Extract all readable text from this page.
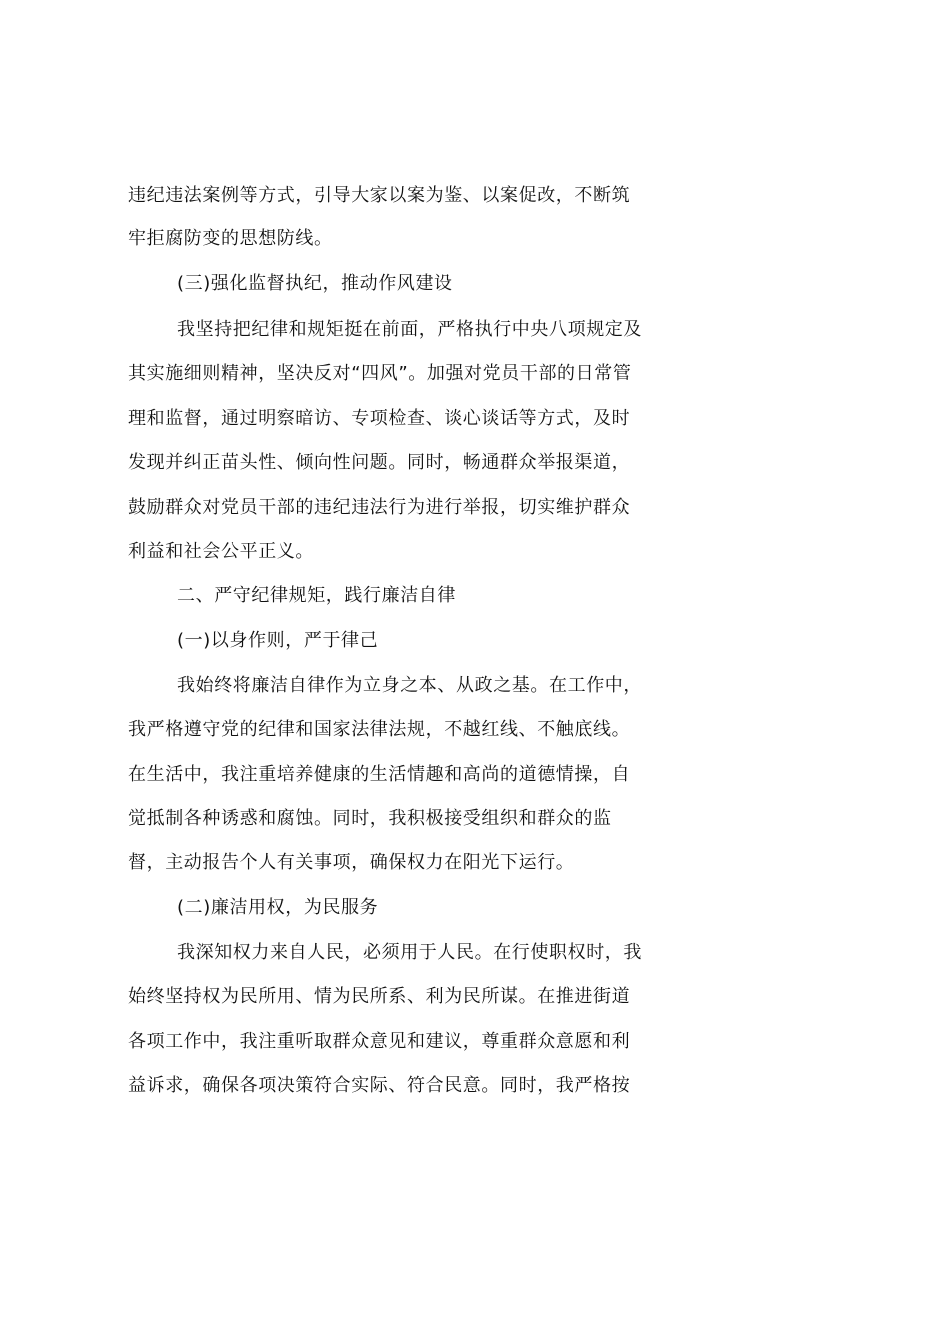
违纪违法案例等方式，引导大家以案为鉴、以案促改，不断筑
牢拒腐防变的思想防线。
(三)强化监督执纪，推动作风建设
我坚持把纪律和规矩挺在前面，严格执行中央八项规定及
其实施细则精神，坚决反对“四风”。加强对党员干部的日常管
理和监督，通过明察暗访、专项检查、谈心谈话等方式，及时
发现并纠正苗头性、倾向性问题。同时，畅通群众举报渠道，
鼓励群众对党员干部的违纪违法行为进行举报，切实维护群众
利益和社会公平正义。
二、严守纪律规矩，践行廉洁自律
(一)以身作则，严于律己
我始终将廉洁自律作为立身之本、从政之基。在工作中，
我严格遵守党的纪律和国家法律法规，不越红线、不触底线。
在生活中，我注重培养健康的生活情趣和高尚的道德情操，自
觉抵制各种诱惑和腐蚀。同时，我积极接受组织和群众的监
督，主动报告个人有关事项，确保权力在阳光下运行。
(二)廉洁用权，为民服务
我深知权力来自人民，必须用于人民。在行使职权时，我
始终坚持权为民所用、情为民所系、利为民所谋。在推进街道
各项工作中，我注重听取群众意见和建议，尊重群众意愿和利
益诉求，确保各项决策符合实际、符合民意。同时，我严格按
